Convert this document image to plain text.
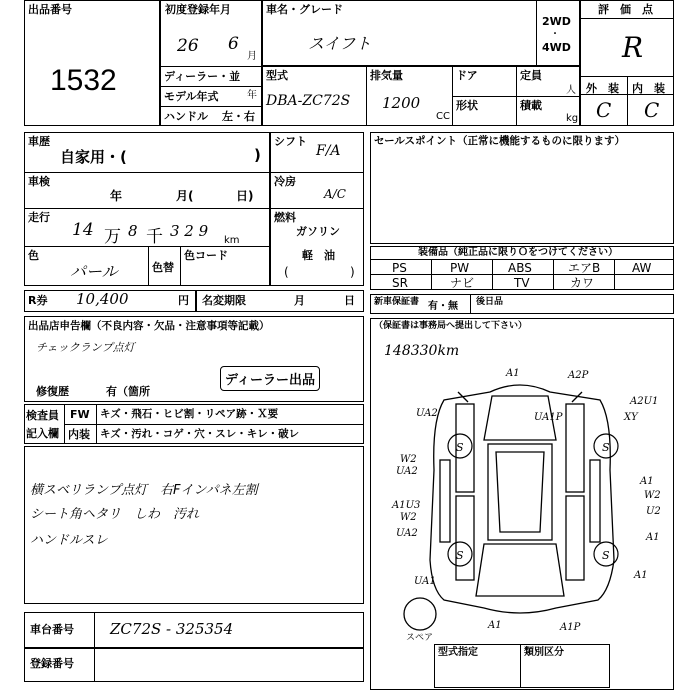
出品番号
1532
初度登録年月
26 6
月
ディーラー・並
モデル年式	年
ハンドル 左・右
車名・グレード
スイフト
2WD
・
4WD
型式
DBA-ZC72S
排気量
1200
CC
ドア
形状
定員
人
積載
kg
評　価　点
R
外　装 内　装
C C
車歴
自家用・(	)
車検
年	月(	日)
走行
14 万 8 千 3 2 9
km
色
パール	色替
色コード
シフト
F/A
冷房
A/C
燃料
ガソリン
軽　油
(	)
R券 10,400	円 名変期限	月	日
出品店申告欄（不良内容・欠品・注意事項等記載）
チェックランプ点灯
修復歴	有（箇所
ディーラー出品
検査員
記入欄
FW キズ・飛石・ヒビ割・リペア跡・Ｘ要
内装 キズ・汚れ・コゲ・穴・スレ・キレ・破レ
横スベリランプ点灯　右Fインパネ左割
シート角ヘタリ　しわ　汚れ
ハンドルスレ
車台番号 ZC72S - 325354
登録番号
セールスポイント（正常に機能するものに限ります）
装備品（純正品に限りＯをつけてください）
PS	PW	ABS	エアB	AW
SR	ナビ	TV	カワ
新車保証書 有・無 後日品
（保証書は事務局へ提出して下さい）
148330km
S	S
S	S
A1	A2P
UA2	UA1P
A2U1
XY
W2
UA2
A1
W2
U2
A1U3
W2
UA2	A1
UA1
A1
A1	A1P
スペア
型式指定	類別区分
